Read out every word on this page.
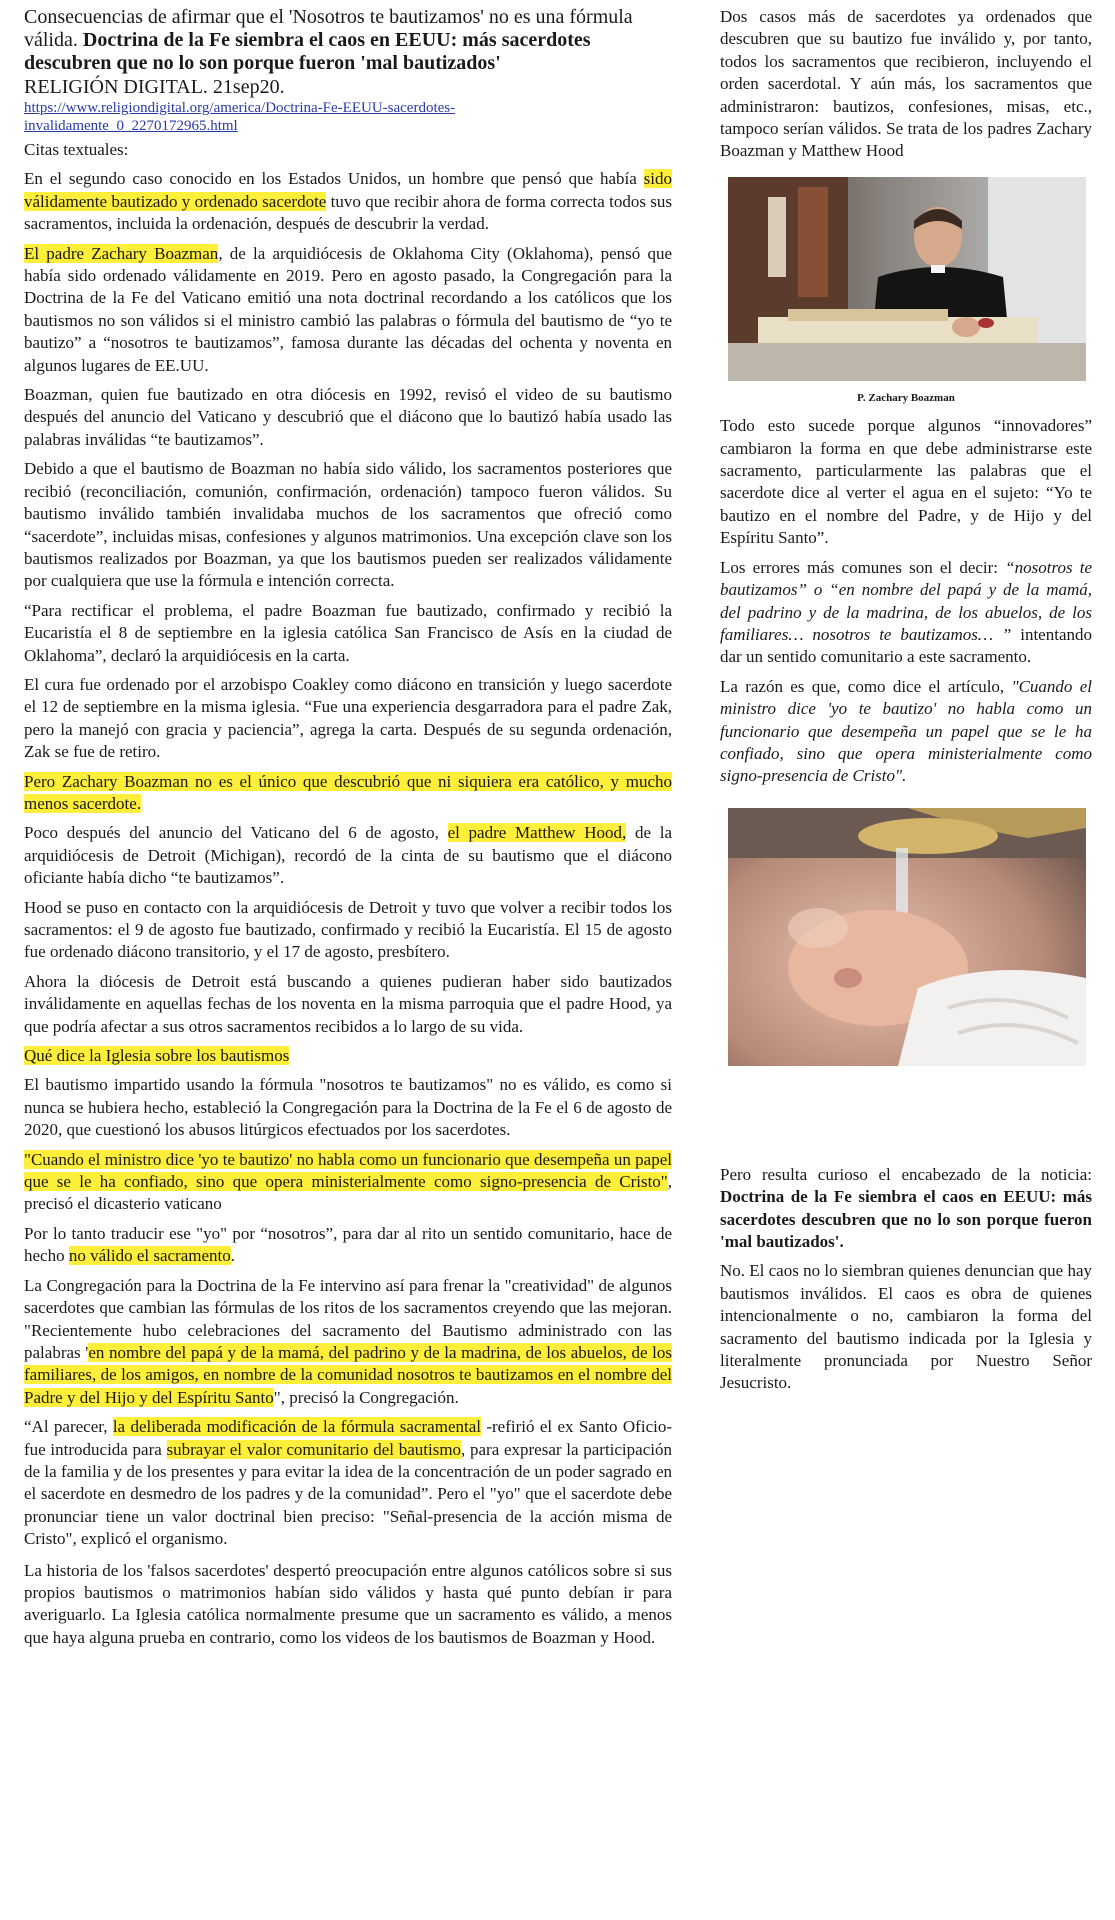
Consecuencias de afirmar que el 'Nosotros te bautizamos' no es una fórmula válida. Doctrina de la Fe siembra el caos en EEUU: más sacerdotes descubren que no lo son porque fueron 'mal bautizados'

RELIGIÓN DIGITAL. 21sep20.

https://www.religiondigital.org/america/Doctrina-Fe-EEUU-sacerdotes-
invalidamente_0_2270172965.html

Citas textuales:

En el segundo caso conocido en los Estados Unidos, un hombre que pensó que había sido válidamente bautizado y ordenado sacerdote tuvo que recibir ahora de forma correcta todos sus sacramentos, incluida la ordenación, después de descubrir la verdad.

El padre Zachary Boazman, de la arquidiócesis de Oklahoma City (Oklahoma), pensó que había sido ordenado válidamente en 2019. Pero en agosto pasado, la Congregación para la Doctrina de la Fe del Vaticano emitió una nota doctrinal recordando a los católicos que los bautismos no son válidos si el ministro cambió las palabras o fórmula del bautismo de “yo te bautizo” a “nosotros te bautizamos”, famosa durante las décadas del ochenta y noventa en algunos lugares de EE.UU.

Boazman, quien fue bautizado en otra diócesis en 1992, revisó el video de su bautismo después del anuncio del Vaticano y descubrió que el diácono que lo bautizó había usado las palabras inválidas “te bautizamos”.

Debido a que el bautismo de Boazman no había sido válido, los sacramentos posteriores que recibió (reconciliación, comunión, confirmación, ordenación) tampoco fueron válidos. Su bautismo inválido también invalidaba muchos de los sacramentos que ofreció como “sacerdote”, incluidas misas, confesiones y algunos matrimonios. Una excepción clave son los bautismos realizados por Boazman, ya que los bautismos pueden ser realizados válidamente por cualquiera que use la fórmula e intención correcta.

“Para rectificar el problema, el padre Boazman fue bautizado, confirmado y recibió la Eucaristía el 8 de septiembre en la iglesia católica San Francisco de Asís en la ciudad de Oklahoma”, declaró la arquidiócesis en la carta.

El cura fue ordenado por el arzobispo Coakley como diácono en transición y luego sacerdote el 12 de septiembre en la misma iglesia. “Fue una experiencia desgarradora para el padre Zak, pero la manejó con gracia y paciencia”, agrega la carta. Después de su segunda ordenación, Zak se fue de retiro.

Pero Zachary Boazman no es el único que descubrió que ni siquiera era católico, y mucho menos sacerdote.

Poco después del anuncio del Vaticano del 6 de agosto, el padre Matthew Hood, de la arquidiócesis de Detroit (Michigan), recordó de la cinta de su bautismo que el diácono oficiante había dicho “te bautizamos”.

Hood se puso en contacto con la arquidiócesis de Detroit y tuvo que volver a recibir todos los sacramentos: el 9 de agosto fue bautizado, confirmado y recibió la Eucaristía. El 15 de agosto fue ordenado diácono transitorio, y el 17 de agosto, presbítero.

Ahora la diócesis de Detroit está buscando a quienes pudieran haber sido bautizados inválidamente en aquellas fechas de los noventa en la misma parroquia que el padre Hood, ya que podría afectar a sus otros sacramentos recibidos a lo largo de su vida.

Qué dice la Iglesia sobre los bautismos

El bautismo impartido usando la fórmula "nosotros te bautizamos" no es válido, es como si nunca se hubiera hecho, estableció la Congregación para la Doctrina de la Fe el 6 de agosto de 2020, que cuestionó los abusos litúrgicos efectuados por los sacerdotes.

"Cuando el ministro dice 'yo te bautizo' no habla como un funcionario que desempeña un papel que se le ha confiado, sino que opera ministerialmente como signo-presencia de Cristo", precisó el dicasterio vaticano

Por lo tanto traducir ese "yo" por “nosotros”, para dar al rito un sentido comunitario, hace de hecho no válido el sacramento.

La Congregación para la Doctrina de la Fe intervino así para frenar la "creatividad" de algunos sacerdotes que cambian las fórmulas de los ritos de los sacramentos creyendo que las mejoran. "Recientemente hubo celebraciones del sacramento del Bautismo administrado con las palabras 'en nombre del papá y de la mamá, del padrino y de la madrina, de los abuelos, de los familiares, de los amigos, en nombre de la comunidad nosotros te bautizamos en el nombre del Padre y del Hijo y del Espíritu Santo", precisó la Congregación.

“Al parecer, la deliberada modificación de la fórmula sacramental -refirió el ex Santo Oficio- fue introducida para subrayar el valor comunitario del bautismo, para expresar la participación de la familia y de los presentes y para evitar la idea de la concentración de un poder sagrado en el sacerdote en desmedro de los padres y de la comunidad”. Pero el "yo" que el sacerdote debe pronunciar tiene un valor doctrinal bien preciso: "Señal-presencia de la acción misma de Cristo", explicó el organismo.

La historia de los 'falsos sacerdotes' despertó preocupación entre algunos católicos sobre si sus propios bautismos o matrimonios habían sido válidos y hasta qué punto debían ir para averiguarlo. La Iglesia católica normalmente presume que un sacramento es válido, a menos que haya alguna prueba en contrario, como los videos de los bautismos de Boazman y Hood.

Dos casos más de sacerdotes ya ordenados que descubren que su bautizo fue inválido y, por tanto, todos los sacramentos que recibieron, incluyendo el orden sacerdotal. Y aún más, los sacramentos que administraron: bautizos, confesiones, misas, etc., tampoco serían válidos. Se trata de los padres Zachary Boazman y Matthew Hood

P. Zachary Boazman

Todo esto sucede porque algunos “innovadores” cambiaron la forma en que debe administrarse este sacramento, particularmente las palabras que el sacerdote dice al verter el agua en el sujeto: “Yo te bautizo en el nombre del Padre, y de Hijo y del Espíritu Santo”.

Los errores más comunes son el decir: “nosotros te bautizamos” o “en nombre del papá y de la mamá, del padrino y de la madrina, de los abuelos, de los familiares… nosotros te bautizamos… ” intentando dar un sentido comunitario a este sacramento.

La razón es que, como dice el artículo, "Cuando el ministro dice 'yo te bautizo' no habla como un funcionario que desempeña un papel que se le ha confiado, sino que opera ministerialmente como signo-presencia de Cristo".

Pero resulta curioso el encabezado de la noticia: Doctrina de la Fe siembra el caos en EEUU: más sacerdotes descubren que no lo son porque fueron 'mal bautizados'.

No. El caos no lo siembran quienes denuncian que hay bautismos inválidos. El caos es obra de quienes intencionalmente o no, cambiaron la forma del sacramento del bautismo indicada por la Iglesia y literalmente pronunciada por Nuestro Señor Jesucristo.
